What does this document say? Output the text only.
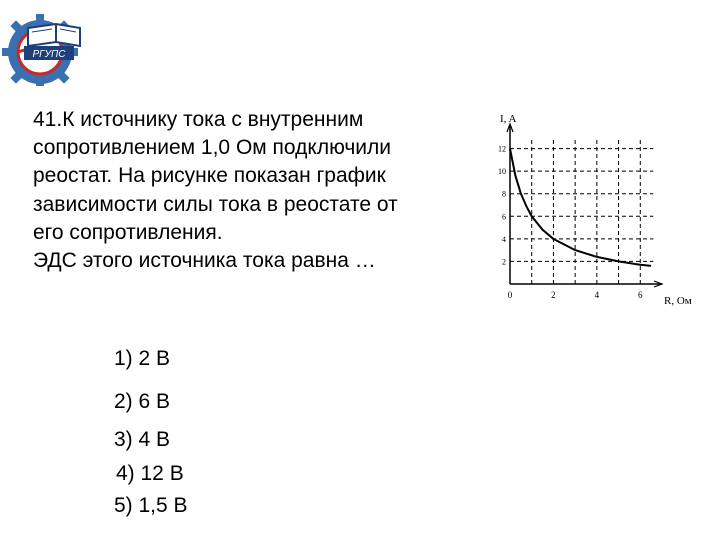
РГУПС
41.К источнику тока с внутренним
сопротивлением 1,0 Ом подключили
реостат. На рисунке показан график
зависимости силы тока в реостате от
его сопротивления.
ЭДС этого источника тока равна …
1) 2 В
2) 6 В
3) 4 В
4) 12 В
5) 1,5 В
I, A
R, Ом
0	2	4	6
2
4
6
8
10
12
